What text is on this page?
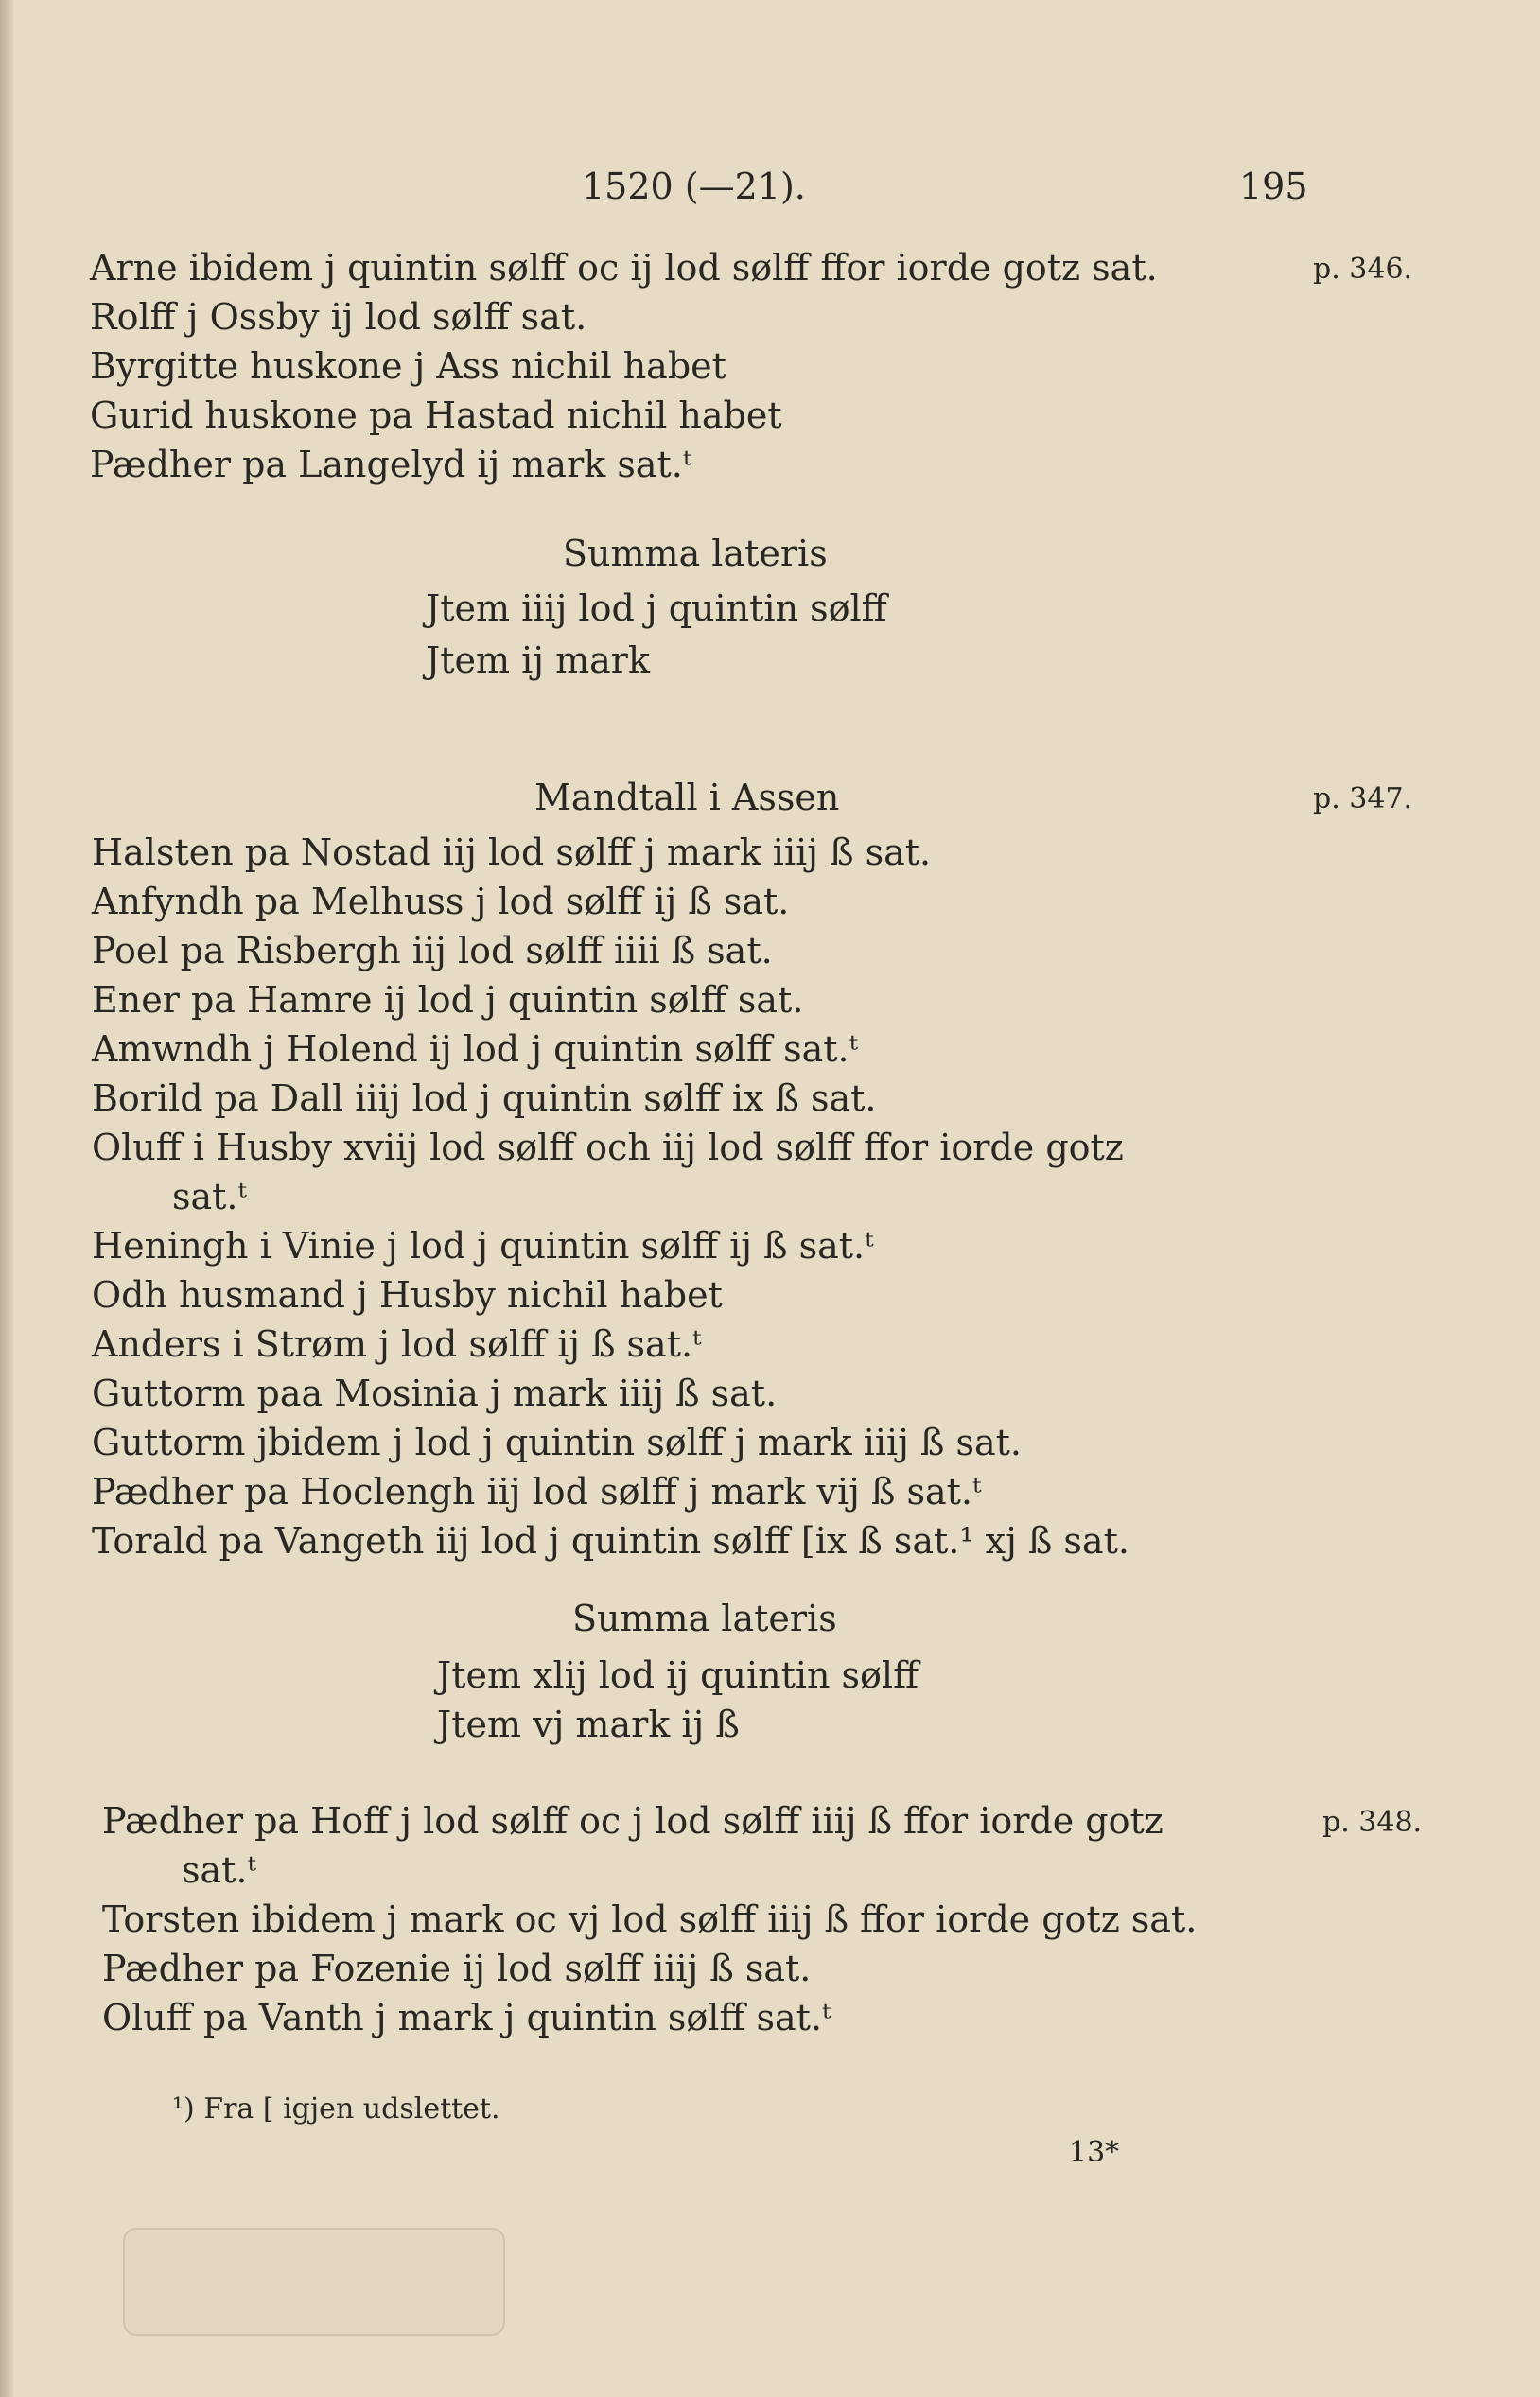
1520 (—21).	195
Arne ibidem j quintin sølff oc ij lod sølff ffor iorde gotz sat.	p. 346.
Rolff j Ossby ij lod sølff sat.
Byrgitte huskone j Ass nichil habet
Gurid huskone pa Hastad nichil habet
Pædher pa Langelyd ij mark sat.ᵗ
Summa lateris
Jtem iiij lod j quintin sølff
Jtem ij mark
Mandtall i Assen	p. 347.
Halsten pa Nostad iij lod sølff j mark iiij ß sat.
Anfyndh pa Melhuss j lod sølff ij ß sat.
Poel pa Risbergh iij lod sølff iiii ß sat.
Ener pa Hamre ij lod j quintin sølff sat.
Amwndh j Holend ij lod j quintin sølff sat.ᵗ
Borild pa Dall iiij lod j quintin sølff ix ß sat.
Oluff i Husby xviij lod sølff och iij lod sølff ffor iorde gotz
sat.ᵗ
Heningh i Vinie j lod j quintin sølff ij ß sat.ᵗ
Odh husmand j Husby nichil habet
Anders i Strøm j lod sølff ij ß sat.ᵗ
Guttorm paa Mosinia j mark iiij ß sat.
Guttorm jbidem j lod j quintin sølff j mark iiij ß sat.
Pædher pa Hoclengh iij lod sølff j mark vij ß sat.ᵗ
Torald pa Vangeth iij lod j quintin sølff [ix ß sat.¹ xj ß sat.
Summa lateris
Jtem xlij lod ij quintin sølff
Jtem vj mark ij ß
Pædher pa Hoff j lod sølff oc j lod sølff iiij ß ffor iorde gotz	p. 348.
sat.ᵗ
Torsten ibidem j mark oc vj lod sølff iiij ß ffor iorde gotz sat.
Pædher pa Fozenie ij lod sølff iiij ß sat.
Oluff pa Vanth j mark j quintin sølff sat.ᵗ
¹) Fra [ igjen udslettet.
13*
